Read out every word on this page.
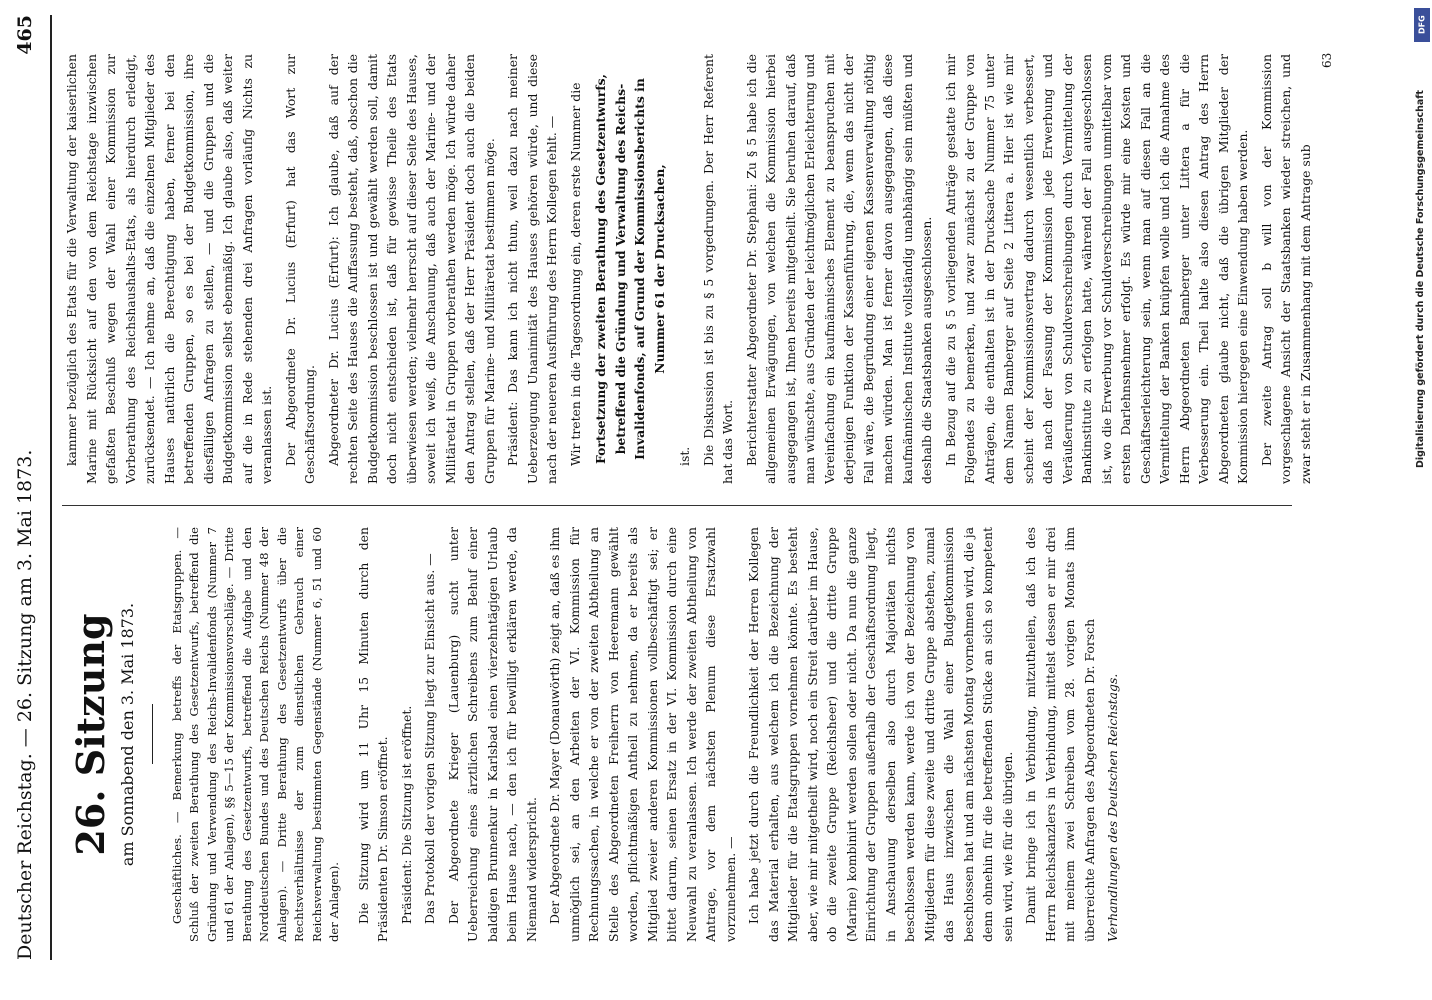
Deutscher Reichstag. — 26. Sitzung am 3. Mai 1873.
465
26. Sitzung am Sonnabend den 3. Mai 1873.	Geschäftliches. — Bemerkung betreffs der Etatsgruppen. — Schluß der zweiten Berathung des Gesetzentwurfs, betreffend die Gründung und Verwendung des Reichs-Invalidenfonds (Nummer 7 und 61 der Anlagen), §§ 5—15 der Kommissionsvorschläge. — Dritte Berathung des Gesetzentwurfs, betreffend die Aufgabe und den Norddeutschen Bundes und des Deutschen Reichs (Nummer 48 der Anlagen). — Dritte Berathung des Gesetzentwurfs über die Rechtsverhältnisse der zum dienstlichen Gebrauch einer Reichsverwaltung bestimmten Gegenstände (Nummer 6, 51 und 60 der Anlagen). Die Sitzung wird um 11 Uhr 15 Minuten durch den Präsidenten Dr. Simson eröffnet. Präsident: Die Sitzung ist eröffnet. Das Protokoll der vorigen Sitzung liegt zur Einsicht aus. — Der Abgeordnete Krieger (Lauenburg) sucht unter Ueberreichung eines ärztlichen Schreibens zum Behuf einer baldigen Brunnenkur in Karlsbad einen vierzehntägigen Urlaub beim Hause nach, — den ich für bewilligt erklären werde, da Niemand widerspricht. Der Abgeordnete Dr. Mayer (Donauwörth) zeigt an, daß es ihm unmöglich sei, an den Arbeiten der VI. Kommission für Rechnungssachen, in welche er von der zweiten Abtheilung an Stelle des Abgeordneten Freiherrn von Heeremann gewählt worden, pflichtmäßigen Antheil zu nehmen, da er bereits als Mitglied zweier anderen Kommissionen vollbeschäftigt sei; er bittet darum, seinen Ersatz in der VI. Kommission durch eine Neuwahl zu veranlassen. Ich werde der zweiten Abtheilung von Antrage, vor dem nächsten Plenum diese Ersatzwahl vorzunehmen. — Ich habe jetzt durch die Freundlichkeit der Herren Kollegen das Material erhalten, aus welchem ich die Bezeichnung der Mitglieder für die Etatsgruppen vornehmen könnte. Es besteht aber, wie mir mitgetheilt wird, noch ein Streit darüber im Hause, ob die zweite Gruppe (Reichsheer) und die dritte Gruppe (Marine) kombinirt werden sollen oder nicht. Da nun die ganze Einrichtung der Gruppen außerhalb der Geschäftsordnung liegt, in Anschauung derselben also durch Majoritäten nichts beschlossen werden kann, werde ich von der Bezeichnung von Mitgliedern für diese zweite und dritte Gruppe abstehen, zumal das Haus inzwischen die Wahl einer Budgetkommission beschlossen hat und am nächsten Montag vornehmen wird, die ja denn ohnehin für die betreffenden Stücke an sich so kompetent sein wird, wie für die übrigen. Damit bringe ich in Verbindung, mitzutheilen, daß ich des Herrn Reichskanzlers in Verbindung, mittelst dessen er mir drei mit meinem zwei Schreiben vom 28. vorigen Monats ihm überreichte Anfragen des Abgeordneten Dr. Forsch Verhandlungen des Deutschen Reichstags.

kammer bezüglich des Etats für die Verwaltung der kaiserlichen Marine mit Rücksicht auf den von dem Reichstage inzwischen gefaßten Beschluß wegen der Wahl einer Kommission zur Vorberathung des Reichshaushalts-Etats, als hierdurch erledigt, zurücksendet. — Ich nehme an, daß die einzelnen Mitglieder des Hauses natürlich die Berechtigung haben, ferner bei den betreffenden Gruppen, so es bei der Budgetkommission, ihre diesfälligen Anfragen zu stellen, — und die Gruppen und die Budgetkommission selbst ebenmäßig. Ich glaube also, daß weiter auf die in Rede stehenden drei Anfragen vorläufig Nichts zu veranlassen ist. Der Abgeordnete Dr. Lucius (Erfurt) hat das Wort zur Geschäftsordnung. Abgeordneter Dr. Lucius (Erfurt): Ich glaube, daß auf der rechten Seite des Hauses die Auffassung besteht, daß, obschon die Budgetkommission beschlossen ist und gewählt werden soll, damit doch nicht entschieden ist, daß für gewisse Theile des Etats überwiesen werden; vielmehr herrscht auf dieser Seite des Hauses, soweit ich weiß, die Anschauung, daß auch der Marine- und der Militäretat in Gruppen vorberathen werden möge. Ich würde daher den Antrag stellen, daß der Herr Präsident doch auch die beiden Gruppen für Marine- und Militäretat bestimmen möge. Präsident: Das kann ich nicht thun, weil dazu nach meiner Ueberzeugung Unanimität des Hauses gehören würde, und diese nach der neueren Ausführung des Herrn Kollegen fehlt. — Wir treten in die Tagesordnung ein, deren erste Nummer die Fortsetzung der zweiten Berathung des Gesetzentwurfs, betreffend die Gründung und Verwaltung des Reichs-Invalidenfonds, auf Grund der Kommissionsberichts in Nummer 61 der Drucksachen,

ist. Die Diskussion ist bis zu § 5 vorgedrungen. Der Herr Referent hat das Wort. Berichterstatter Abgeordneter Dr. Stephani: Zu § 5 habe ich die allgemeinen Erwägungen, von welchen die Kommission hierbei ausgegangen ist, Ihnen bereits mitgetheilt. Sie beruhen darauf, daß man wünschte, aus Gründen der leichtmöglichen Erleichterung und Vereinfachung ein kaufmännisches Element zu beanspruchen mit derjenigen Funktion der Kassenführung, die, wenn das nicht der Fall wäre, die Begründung einer eigenen Kassenverwaltung nöthig machen würden. Man ist ferner davon ausgegangen, daß diese kaufmännischen Institute vollständig unabhängig sein müßten und deshalb die Staatsbanken ausgeschlossen. In Bezug auf die zu § 5 vorliegenden Anträge gestatte ich mir Folgendes zu bemerken, und zwar zunächst zu der Gruppe von Anträgen, die enthalten ist in der Drucksache Nummer 75 unter dem Namen Bamberger auf Seite 2 Littera a. Hier ist wie mir scheint der Kommissionsvertrag dadurch wesentlich verbessert, daß nach der Fassung der Kommission jede Erwerbung und Veräußerung von Schuldverschreibungen durch Vermittelung der Bankinstitute zu erfolgen hatte, während der Fall ausgeschlossen ist, wo die Erwerbung vor Schuldverschreibungen unmittelbar vom ersten Darlehnsnehmer erfolgt. Es würde mir eine Kosten und Geschäftserleichterung sein, wenn man auf diesen Fall an die Vermittelung der Banken knüpfen wolle und ich die Annahme des Herrn Abgeordneten Bamberger unter Littera a für die Verbesserung ein. Theil halte also diesen Antrag des Herrn Abgeordneten glaube nicht, daß die übrigen Mitglieder der Kommission hiergegen eine Einwendung haben werden. Der zweite Antrag soll b will von der Kommission vorgeschlagene Ansicht der Staatsbanken wieder streichen, und zwar steht er in Zusammenhang mit dem Antrage sub

63
DFG
Digitalisierung gefördert durch die Deutsche Forschungsgemeinschaft
